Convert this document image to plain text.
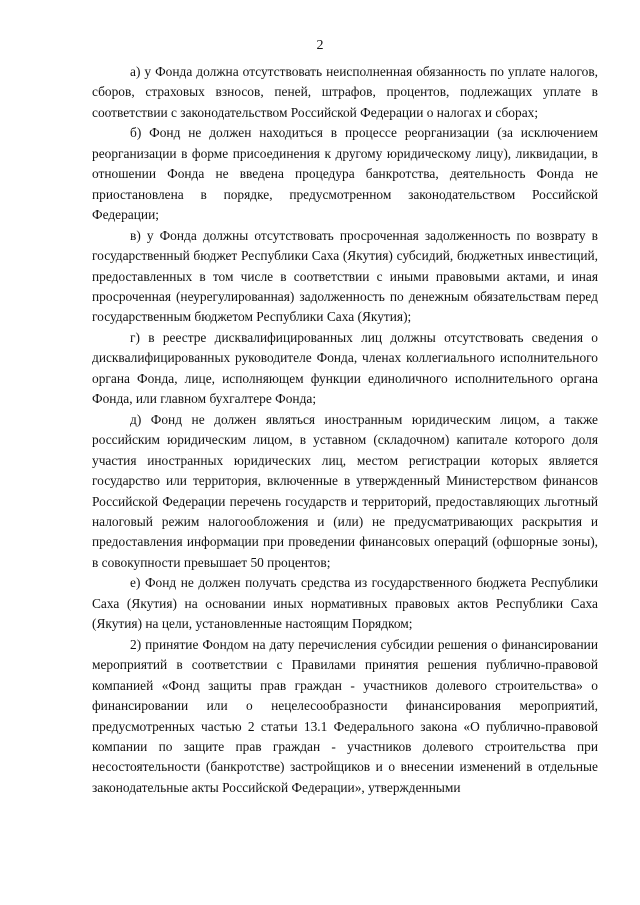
2

а) у Фонда должна отсутствовать неисполненная обязанность по уплате налогов, сборов, страховых взносов, пеней, штрафов, процентов, подлежащих уплате в соответствии с законодательством Российской Федерации о налогах и сборах;

б) Фонд не должен находиться в процессе реорганизации (за исключением реорганизации в форме присоединения к другому юридическому лицу), ликвидации, в отношении Фонда не введена процедура банкротства, деятельность Фонда не приостановлена в порядке, предусмотренном законодательством Российской Федерации;

в) у Фонда должны отсутствовать просроченная задолженность по возврату в государственный бюджет Республики Саха (Якутия) субсидий, бюджетных инвестиций, предоставленных в том числе в соответствии с иными правовыми актами, и иная просроченная (неурегулированная) задолженность по денежным обязательствам перед государственным бюджетом Республики Саха (Якутия);

г) в реестре дисквалифицированных лиц должны отсутствовать сведения о дисквалифицированных руководителе Фонда, членах коллегиального исполнительного органа Фонда, лице, исполняющем функции единоличного исполнительного органа Фонда, или главном бухгалтере Фонда;

д) Фонд не должен являться иностранным юридическим лицом, а также российским юридическим лицом, в уставном (складочном) капитале которого доля участия иностранных юридических лиц, местом регистрации которых является государство или территория, включенные в утвержденный Министерством финансов Российской Федерации перечень государств и территорий, предоставляющих льготный налоговый режим налогообложения и (или) не предусматривающих раскрытия и предоставления информации при проведении финансовых операций (офшорные зоны), в совокупности превышает 50 процентов;

е) Фонд не должен получать средства из государственного бюджета Республики Саха (Якутия) на основании иных нормативных правовых актов Республики Саха (Якутия) на цели, установленные настоящим Порядком;

2) принятие Фондом на дату перечисления субсидии решения о финансировании мероприятий в соответствии с Правилами принятия решения публично-правовой компанией «Фонд защиты прав граждан - участников долевого строительства» о финансировании или о нецелесообразности финансирования мероприятий, предусмотренных частью 2 статьи 13.1 Федерального закона «О публично-правовой компании по защите прав граждан - участников долевого строительства при несостоятельности (банкротстве) застройщиков и о внесении изменений в отдельные законодательные акты Российской Федерации», утвержденными
